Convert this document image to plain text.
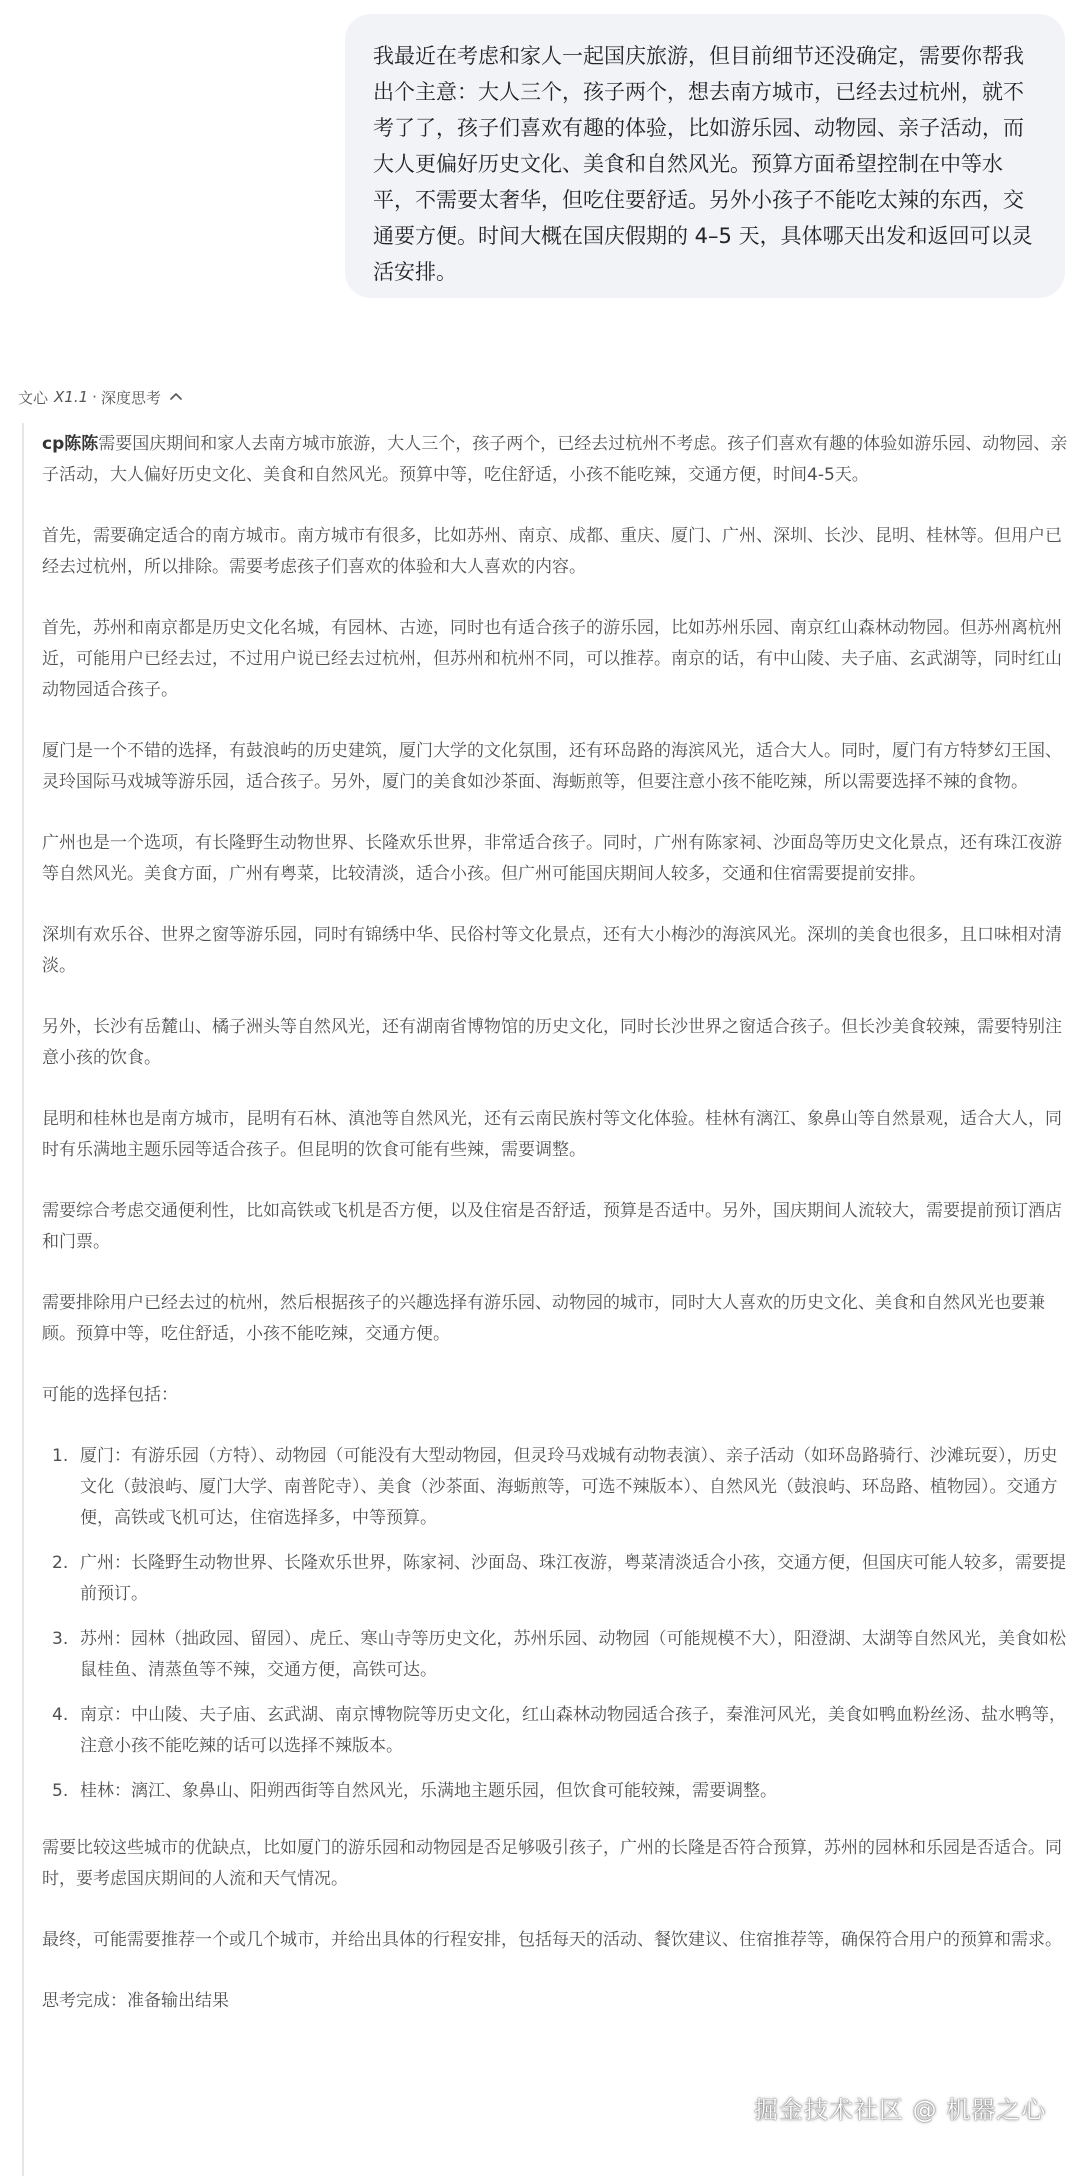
我最近在考虑和家人一起国庆旅游，但目前细节还没确定，需要你帮我出个主意：大人三个，孩子两个，想去南方城市，已经去过杭州，就不考了了，孩子们喜欢有趣的体验，比如游乐园、动物园、亲子活动，而大人更偏好历史文化、美食和自然风光。预算方面希望控制在中等水平，不需要太奢华，但吃住要舒适。另外小孩子不能吃太辣的东西，交通要方便。时间大概在国庆假期的 4–5 天，具体哪天出发和返回可以灵活安排。
文心 X1.1 · 深度思考

cp陈陈需要国庆期间和家人去南方城市旅游，大人三个，孩子两个，已经去过杭州不考虑。孩子们喜欢有趣的体验如游乐园、动物园、亲子活动，大人偏好历史文化、美食和自然风光。预算中等，吃住舒适，小孩不能吃辣，交通方便，时间4-5天。

首先，需要确定适合的南方城市。南方城市有很多，比如苏州、南京、成都、重庆、厦门、广州、深圳、长沙、昆明、桂林等。但用户已经去过杭州，所以排除。需要考虑孩子们喜欢的体验和大人喜欢的内容。

首先，苏州和南京都是历史文化名城，有园林、古迹，同时也有适合孩子的游乐园，比如苏州乐园、南京红山森林动物园。但苏州离杭州近，可能用户已经去过，不过用户说已经去过杭州，但苏州和杭州不同，可以推荐。南京的话，有中山陵、夫子庙、玄武湖等，同时红山动物园适合孩子。

厦门是一个不错的选择，有鼓浪屿的历史建筑，厦门大学的文化氛围，还有环岛路的海滨风光，适合大人。同时，厦门有方特梦幻王国、灵玲国际马戏城等游乐园，适合孩子。另外，厦门的美食如沙茶面、海蛎煎等，但要注意小孩不能吃辣，所以需要选择不辣的食物。

广州也是一个选项，有长隆野生动物世界、长隆欢乐世界，非常适合孩子。同时，广州有陈家祠、沙面岛等历史文化景点，还有珠江夜游等自然风光。美食方面，广州有粤菜，比较清淡，适合小孩。但广州可能国庆期间人较多，交通和住宿需要提前安排。

深圳有欢乐谷、世界之窗等游乐园，同时有锦绣中华、民俗村等文化景点，还有大小梅沙的海滨风光。深圳的美食也很多，且口味相对清淡。

另外，长沙有岳麓山、橘子洲头等自然风光，还有湖南省博物馆的历史文化，同时长沙世界之窗适合孩子。但长沙美食较辣，需要特别注意小孩的饮食。

昆明和桂林也是南方城市，昆明有石林、滇池等自然风光，还有云南民族村等文化体验。桂林有漓江、象鼻山等自然景观，适合大人，同时有乐满地主题乐园等适合孩子。但昆明的饮食可能有些辣，需要调整。

需要综合考虑交通便利性，比如高铁或飞机是否方便，以及住宿是否舒适，预算是否适中。另外，国庆期间人流较大，需要提前预订酒店和门票。

需要排除用户已经去过的杭州，然后根据孩子的兴趣选择有游乐园、动物园的城市，同时大人喜欢的历史文化、美食和自然风光也要兼顾。预算中等，吃住舒适，小孩不能吃辣，交通方便。

可能的选择包括：

1. 厦门：有游乐园（方特）、动物园（可能没有大型动物园，但灵玲马戏城有动物表演）、亲子活动（如环岛路骑行、沙滩玩耍），历史文化（鼓浪屿、厦门大学、南普陀寺）、美食（沙茶面、海蛎煎等，可选不辣版本）、自然风光（鼓浪屿、环岛路、植物园）。交通方便，高铁或飞机可达，住宿选择多，中等预算。
2. 广州：长隆野生动物世界、长隆欢乐世界，陈家祠、沙面岛、珠江夜游，粤菜清淡适合小孩，交通方便，但国庆可能人较多，需要提前预订。
3. 苏州：园林（拙政园、留园）、虎丘、寒山寺等历史文化，苏州乐园、动物园（可能规模不大），阳澄湖、太湖等自然风光，美食如松鼠桂鱼、清蒸鱼等不辣，交通方便，高铁可达。
4. 南京：中山陵、夫子庙、玄武湖、南京博物院等历史文化，红山森林动物园适合孩子，秦淮河风光，美食如鸭血粉丝汤、盐水鸭等，注意小孩不能吃辣的话可以选择不辣版本。
5. 桂林：漓江、象鼻山、阳朔西街等自然风光，乐满地主题乐园，但饮食可能较辣，需要调整。

需要比较这些城市的优缺点，比如厦门的游乐园和动物园是否足够吸引孩子，广州的长隆是否符合预算，苏州的园林和乐园是否适合。同时，要考虑国庆期间的人流和天气情况。

最终，可能需要推荐一个或几个城市，并给出具体的行程安排，包括每天的活动、餐饮建议、住宿推荐等，确保符合用户的预算和需求。

思考完成：准备输出结果
掘金技术社区 @ 机器之心
